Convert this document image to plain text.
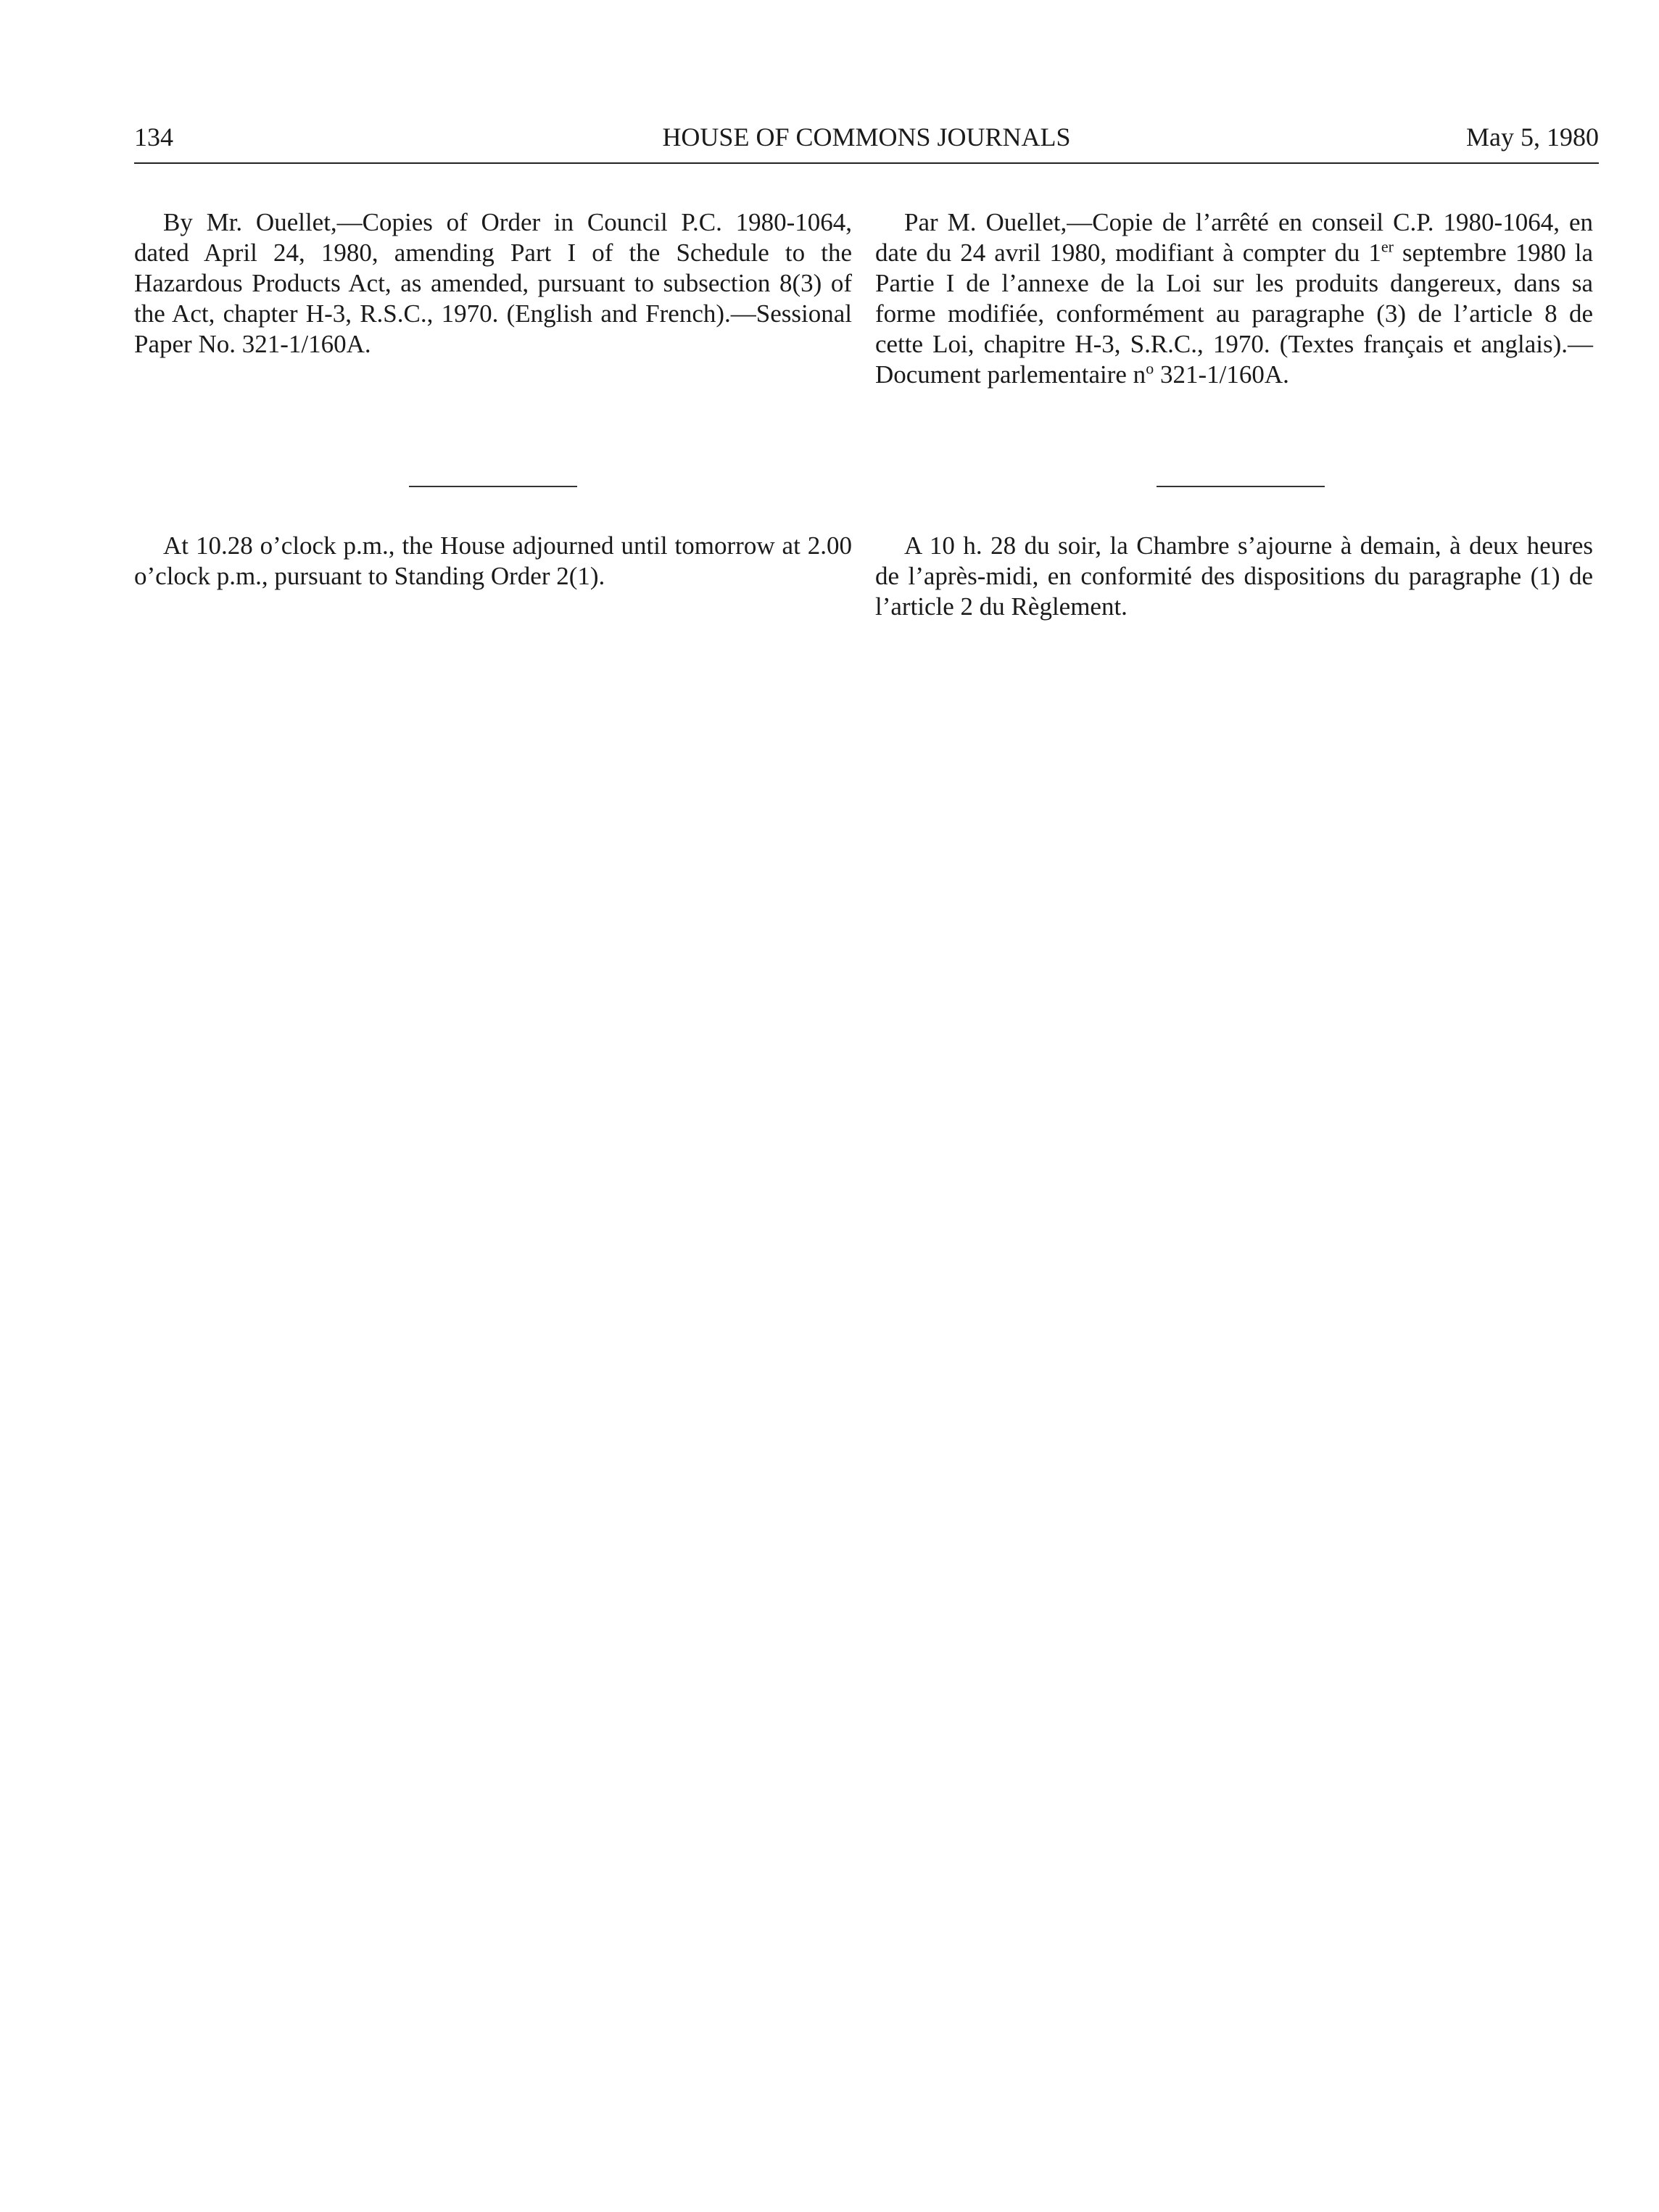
134	HOUSE OF COMMONS JOURNALS	May 5, 1980

By Mr. Ouellet,—Copies of Order in Council P.C. 1980-1064, dated April 24, 1980, amending Part I of the Schedule to the Hazardous Products Act, as amended, pursuant to subsection 8(3) of the Act, chapter H-3, R.S.C., 1970. (English and French).—Sessional Paper No. 321-1/160A.

At 10.28 o’clock p.m., the House adjourned until tomorrow at 2.00 o’clock p.m., pursuant to Standing Order 2(1).

Par M. Ouellet,—Copie de l’arrêté en conseil C.P. 1980-1064, en date du 24 avril 1980, modifiant à compter du 1er septembre 1980 la Partie I de l’annexe de la Loi sur les produits dangereux, dans sa forme modifiée, conformément au paragraphe (3) de l’article 8 de cette Loi, chapitre H-3, S.R.C., 1970. (Textes français et anglais).—Document parlementaire $n^o$ 321-1/160A.

A 10 h. 28 du soir, la Chambre s’ajourne à demain, à deux heures de l’après-midi, en conformité des dispositions du paragraphe (1) de l’article 2 du Règlement.
